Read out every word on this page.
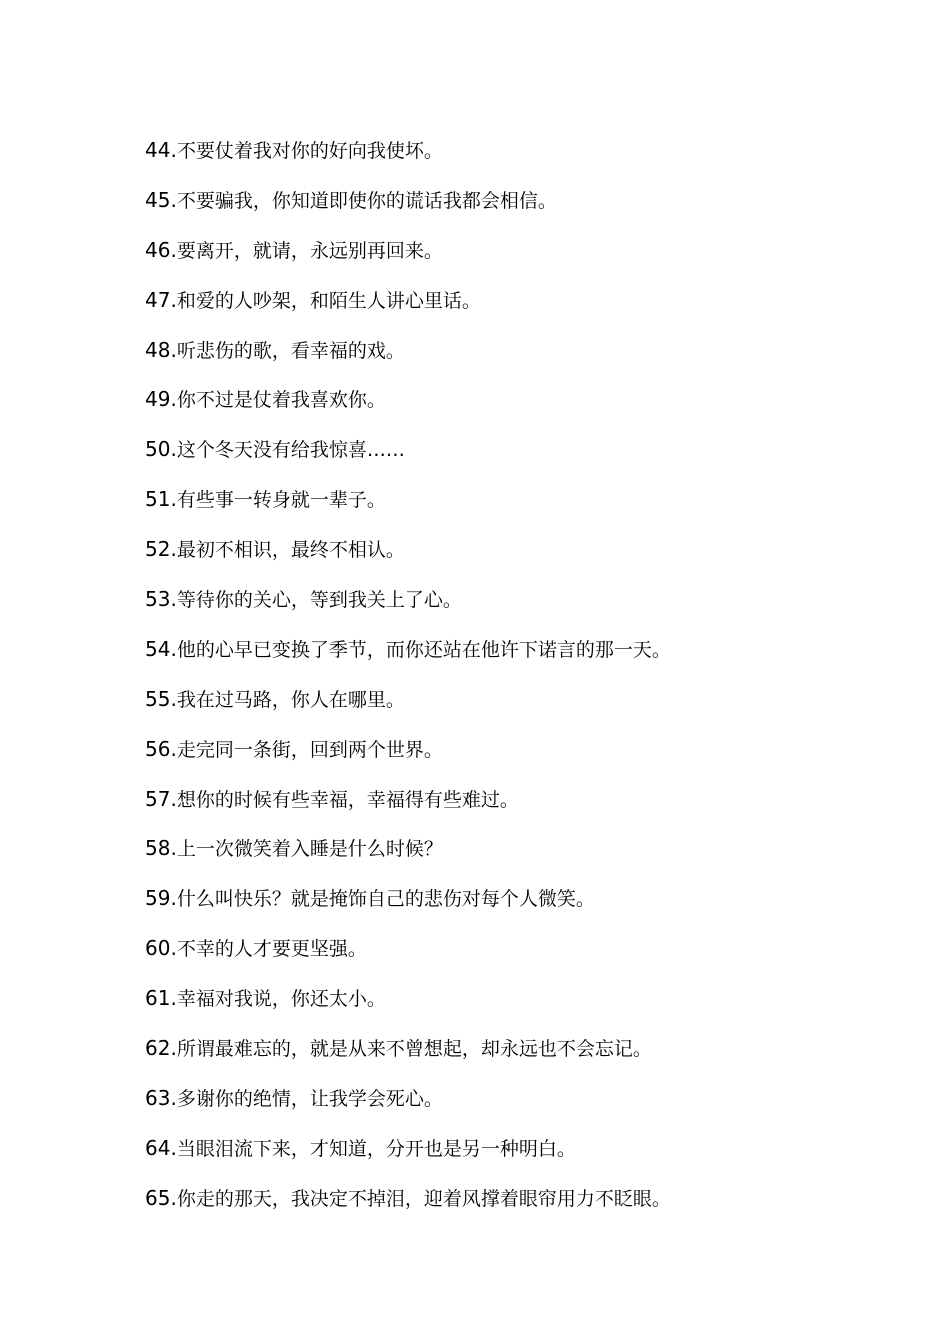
44.不要仗着我对你的好向我使坏。
45.不要骗我，你知道即使你的谎话我都会相信。
46.要离开，就请，永远别再回来。
47.和爱的人吵架，和陌生人讲心里话。
48.听悲伤的歌，看幸福的戏。
49.你不过是仗着我喜欢你。
50.这个冬天没有给我惊喜……
51.有些事一转身就一辈子。
52.最初不相识，最终不相认。
53.等待你的关心，等到我关上了心。
54.他的心早已变换了季节，而你还站在他许下诺言的那一天。
55.我在过马路，你人在哪里。
56.走完同一条街，回到两个世界。
57.想你的时候有些幸福，幸福得有些难过。
58.上一次微笑着入睡是什么时候？
59.什么叫快乐？就是掩饰自己的悲伤对每个人微笑。
60.不幸的人才要更坚强。
61.幸福对我说，你还太小。
62.所谓最难忘的，就是从来不曾想起，却永远也不会忘记。
63.多谢你的绝情，让我学会死心。
64.当眼泪流下来，才知道，分开也是另一种明白。
65.你走的那天，我决定不掉泪，迎着风撑着眼帘用力不眨眼。
